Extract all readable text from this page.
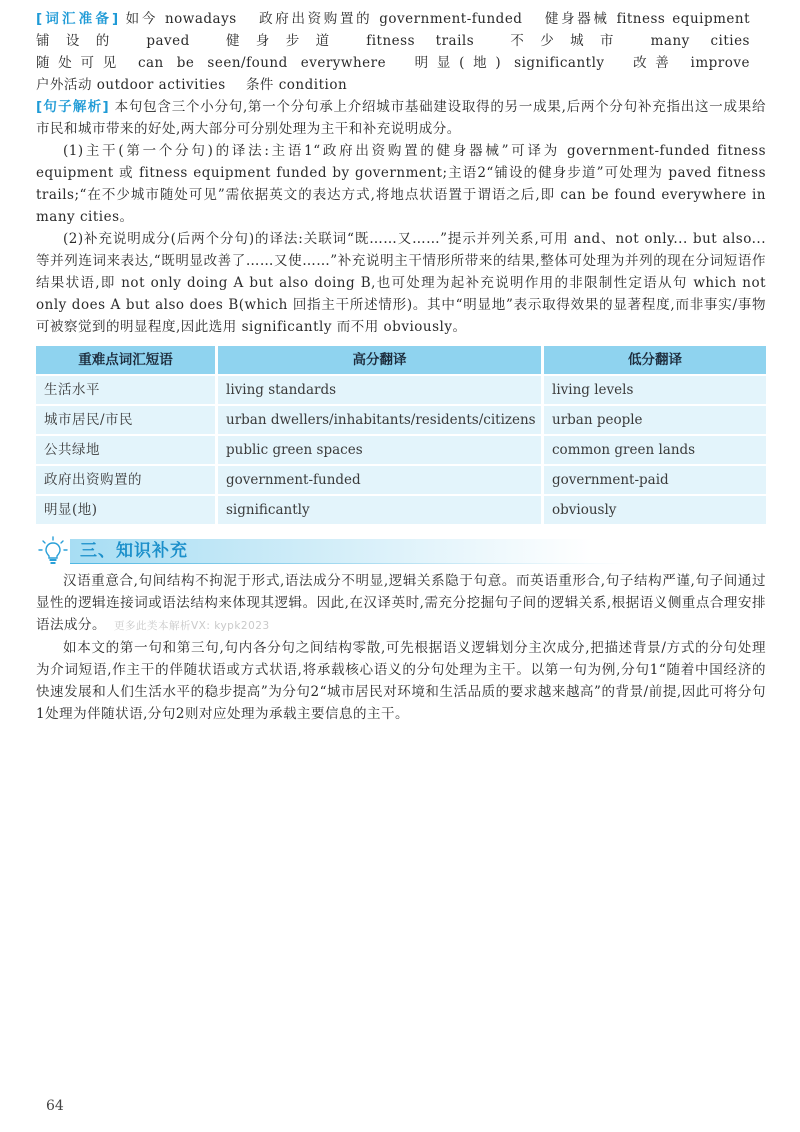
[词汇准备] 如今 nowadays 政府出资购置的 government-funded 健身器械 fitness equipment 铺设的 paved	健身步道 fitness trails	不少城市 many cities 随处可见 can be seen/found everywhere 明显(地) significantly 改善 improve 户外活动 outdoor activities 条件 condition

[句子解析] 本句包含三个小分句,第一个分句承上介绍城市基础建设取得的另一成果,后两个分句补充指出这一成果给市民和城市带来的好处,两大部分可分别处理为主干和补充说明成分。

(1)主干(第一个分句)的译法:主语1“政府出资购置的健身器械”可译为 government-funded fitness equipment 或 fitness equipment funded by government;主语2“铺设的健身步道”可处理为 paved fitness trails;“在不少城市随处可见”需依据英文的表达方式,将地点状语置于谓语之后,即 can be found everywhere in many cities。

(2)补充说明成分(后两个分句)的译法:关联词“既……又……”提示并列关系,可用 and、not only... but also... 等并列连词来表达,“既明显改善了……又使……”补充说明主干情形所带来的结果,整体可处理为并列的现在分词短语作结果状语,即 not only doing A but also doing B,也可处理为起补充说明作用的非限制性定语从句 which not only does A but also does B(which 回指主干所述情形)。其中“明显地”表示取得效果的显著程度,而非事实/事物可被察觉到的明显程度,因此选用 significantly 而不用 obviously。

重难点词汇短语	高分翻译	低分翻译
生活水平	living standards	living levels
城市居民/市民	urban dwellers/inhabitants/residents/citizens	urban people
公共绿地	public green spaces	common green lands
政府出资购置的	government-funded	government-paid
明显(地)	significantly	obviously
三、知识补充

汉语重意合,句间结构不拘泥于形式,语法成分不明显,逻辑关系隐于句意。而英语重形合,句子结构严谨,句子间通过显性的逻辑连接词或语法结构来体现其逻辑。因此,在汉译英时,需充分挖掘句子间的逻辑关系,根据语义侧重点合理安排语法成分。 更多此类本解析VX: kypk2023

如本文的第一句和第三句,句内各分句之间结构零散,可先根据语义逻辑划分主次成分,把描述背景/方式的分句处理为介词短语,作主干的伴随状语或方式状语,将承载核心语义的分句处理为主干。以第一句为例,分句1“随着中国经济的快速发展和人们生活水平的稳步提高”为分句2“城市居民对环境和生活品质的要求越来越高”的背景/前提,因此可将分句1处理为伴随状语,分句2则对应处理为承载主要信息的主干。

64
